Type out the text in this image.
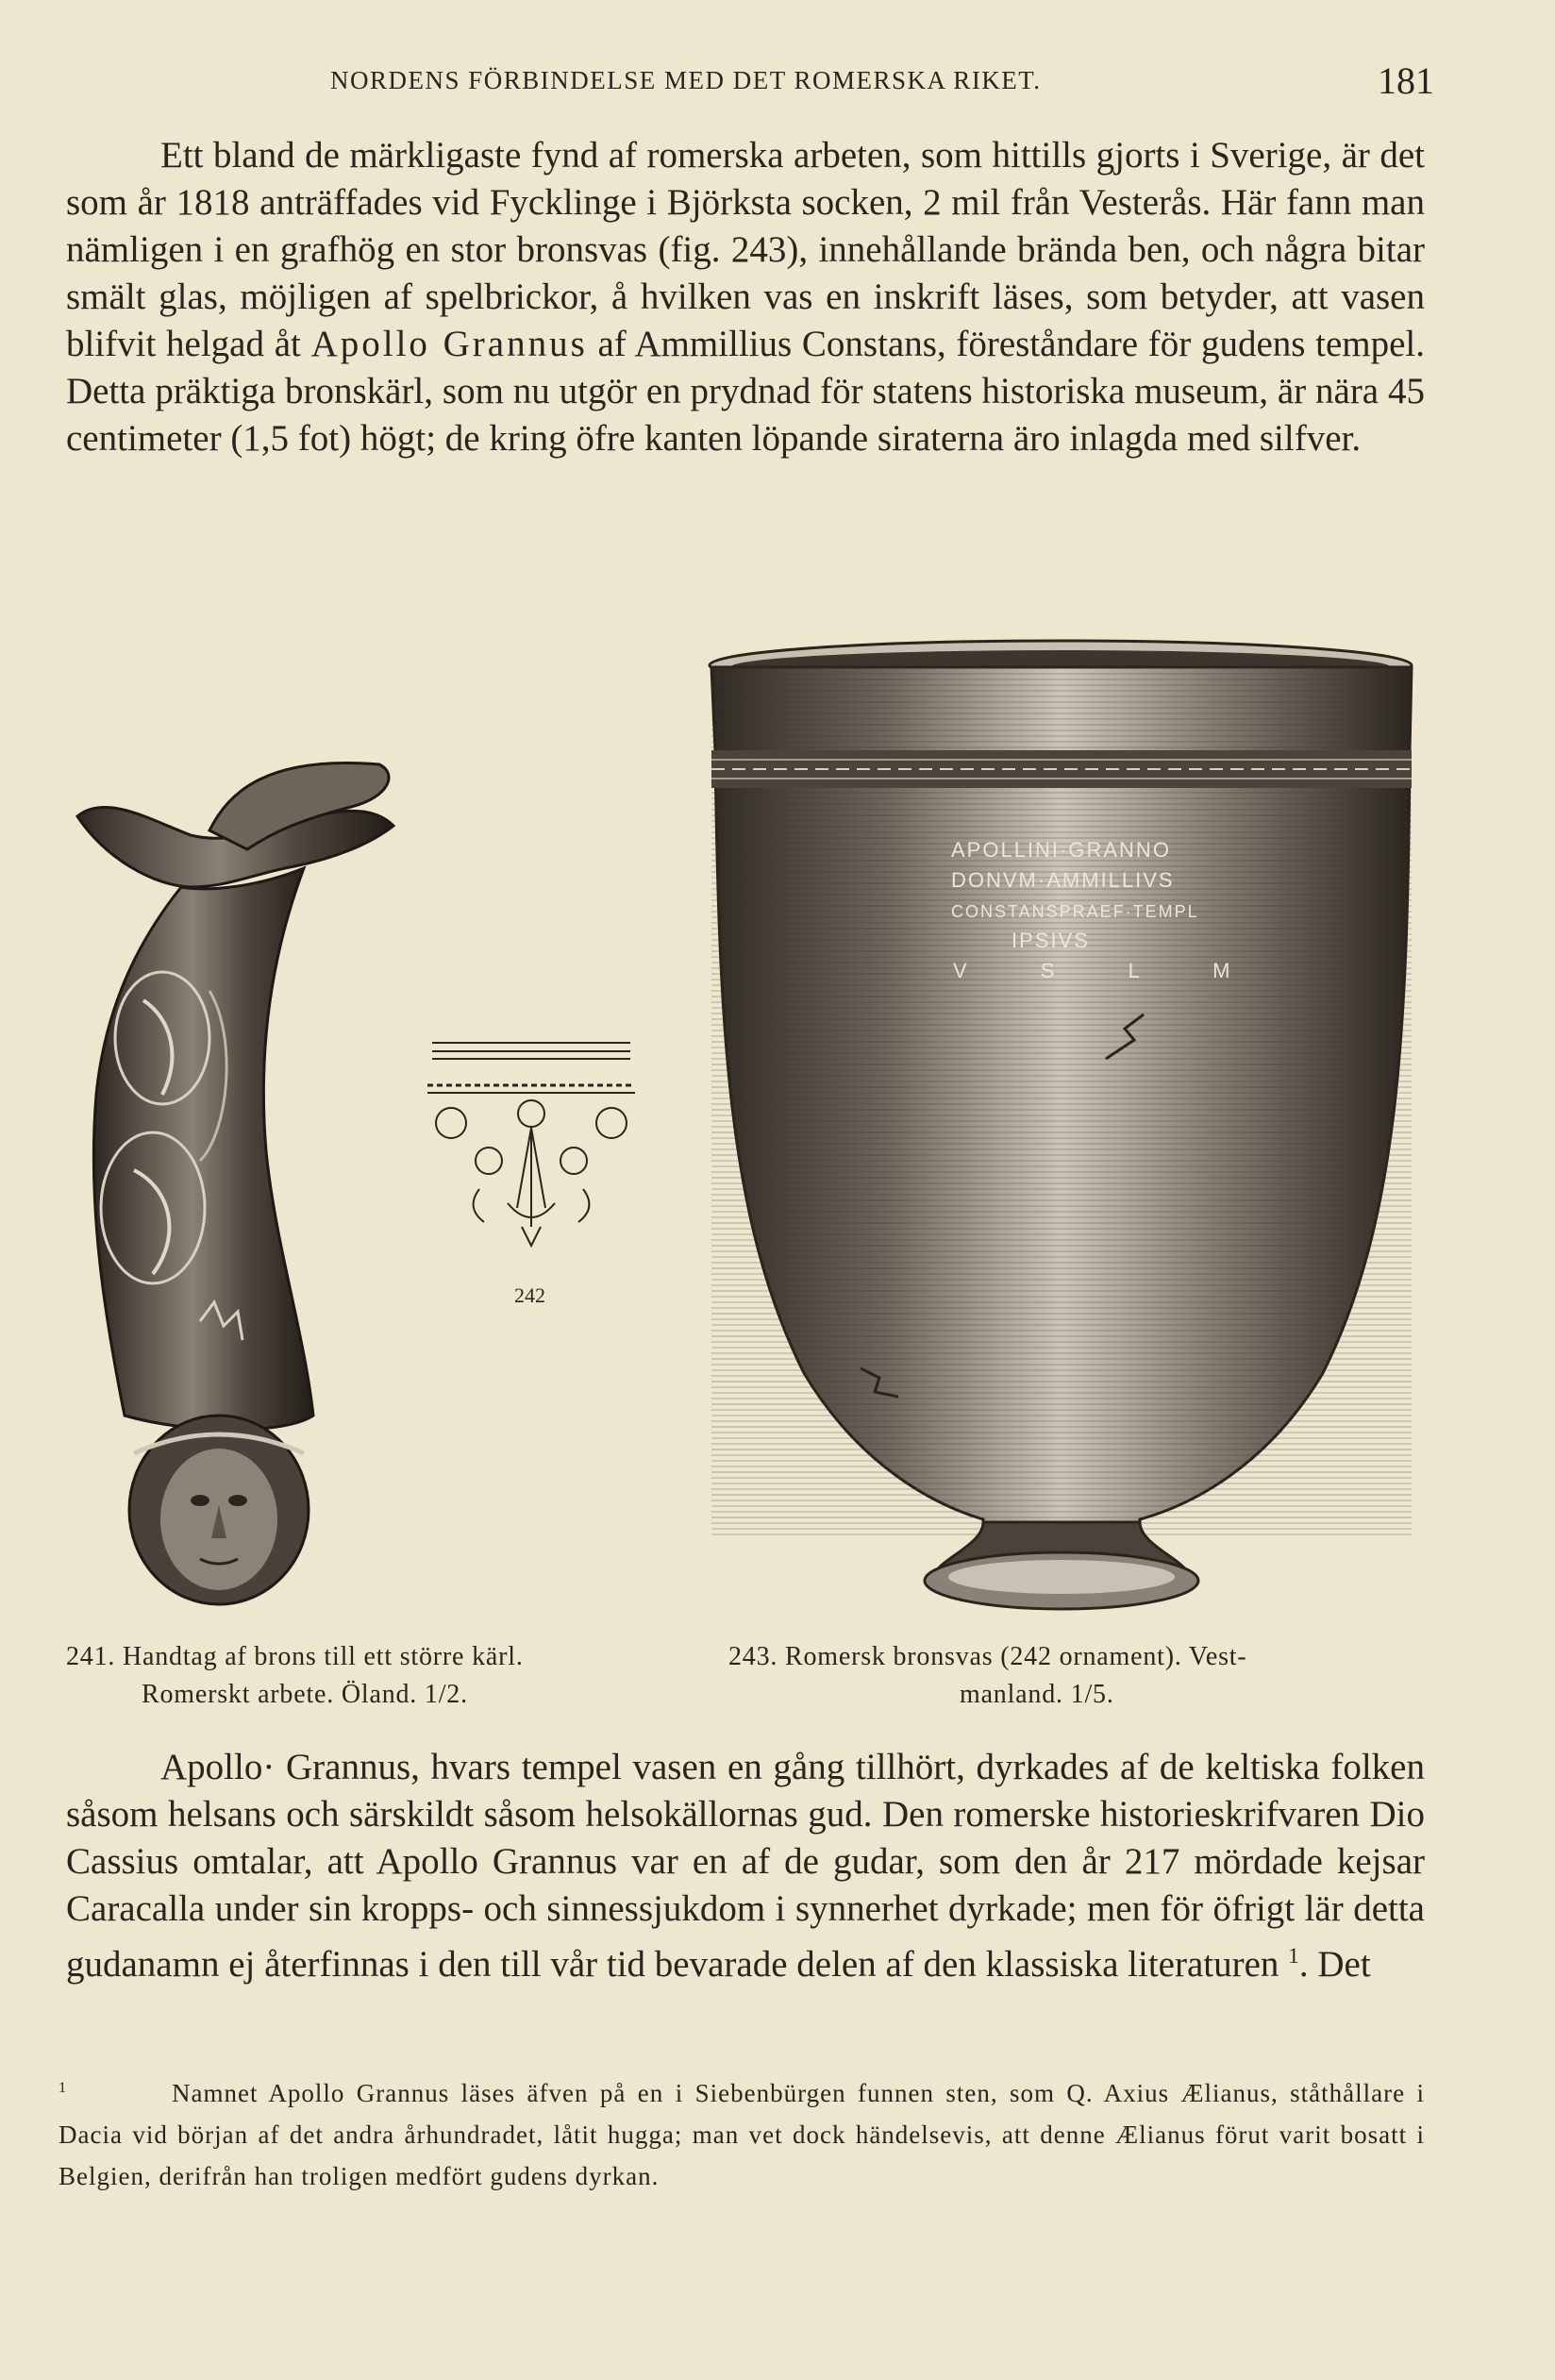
NORDENS FÖRBINDELSE MED DET ROMERSKA RIKET.	181

Ett bland de märkligaste fynd af romerska arbeten, som hittills gjorts i Sverige, är det som år 1818 anträffades vid Fycklinge i Björksta socken, 2 mil från Vesterås. Här fann man nämligen i en grafhög en stor bronsvas (fig. 243), innehållande brända ben, och några bitar smält glas, möjligen af spelbrickor, å hvilken vas en inskrift läses, som betyder, att vasen blifvit helgad åt Apollo Grannus af Ammillius Constans, föreståndare för gudens tempel. Detta präktiga bronskärl, som nu utgör en prydnad för statens historiska museum, är nära 45 centimeter (1,5 fot) högt; de kring öfre kanten löpande siraterna äro inlagda med silfver.

242
APOLLINI·GRANNO
DONVM·AMMILLIVS
CONSTANSPRAEF·TEMPL
IPSIVS
V S L M
241. Handtag af brons till ett större kärl.
Romerskt arbete. Öland. 1/2.
243. Romersk bronsvas (242 ornament). Vest-
manland. 1/5.

Apollo· Grannus, hvars tempel vasen en gång tillhört, dyrkades af de keltiska folken såsom helsans och särskildt såsom helsokällornas gud. Den romerske historieskrifvaren Dio Cassius omtalar, att Apollo Grannus var en af de gudar, som den år 217 mördade kejsar Caracalla under sin kropps- och sinnessjukdom i synnerhet dyrkade; men för öfrigt lär detta gudanamn ej återfinnas i den till vår tid bevarade delen af den klassiska literaturen $^1$. Det

$^1$	Namnet Apollo Grannus läses äfven på en i Siebenbürgen funnen sten, som Q. Axius Ælianus, ståthållare i Dacia vid början af det andra århundradet, låtit hugga; man vet dock händelsevis, att denne Ælianus förut varit bosatt i Belgien, derifrån han troligen medfört gudens dyrkan.
